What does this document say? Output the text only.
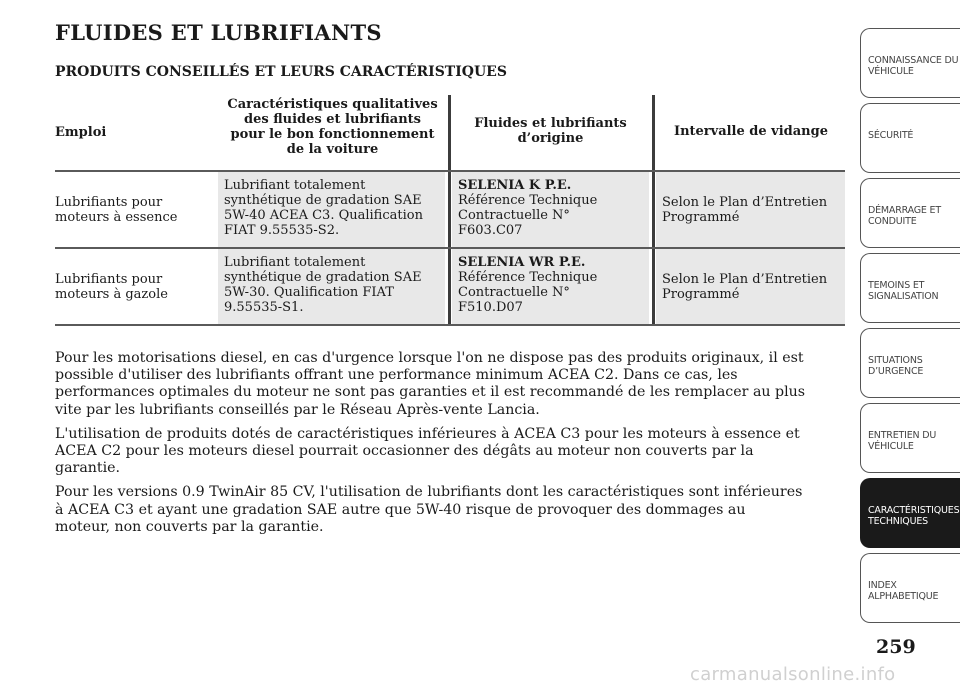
FLUIDES ET LUBRIFIANTS
PRODUITS CONSEILLÉS ET LEURS CARACTÉRISTIQUES
Emploi
Caractéristiques qualitatives
des fluides et lubrifiants
pour le bon fonctionnement
de la voiture
Fluides et lubrifiants
d’origine	Intervalle de vidange
Lubrifiants pour
moteurs à essence
Lubrifiant totalement
synthétique de gradation SAE
5W-40 ACEA C3. Qualification
FIAT 9.55535-S2.
SELENIA K P.E.
Référence Technique
Contractuelle N°
F603.C07
Selon le Plan d’Entretien
Programmé
Lubrifiants pour
moteurs à gazole
Lubrifiant totalement
synthétique de gradation SAE
5W-30. Qualification FIAT
9.55535-S1.
SELENIA WR P.E.
Référence Technique
Contractuelle N°
F510.D07
Selon le Plan d’Entretien
Programmé

Pour les motorisations diesel, en cas d'urgence lorsque l'on ne dispose pas des produits originaux, il est
possible d'utiliser des lubrifiants offrant une performance minimum ACEA C2. Dans ce cas, les
performances optimales du moteur ne sont pas garanties et il est recommandé de les remplacer au plus
vite par les lubrifiants conseillés par le Réseau Après-vente Lancia.

L'utilisation de produits dotés de caractéristiques inférieures à ACEA C3 pour les moteurs à essence et
ACEA C2 pour les moteurs diesel pourrait occasionner des dégâts au moteur non couverts par la
garantie.

Pour les versions 0.9 TwinAir 85 CV, l'utilisation de lubrifiants dont les caractéristiques sont inférieures
à ACEA C3 et ayant une gradation SAE autre que 5W-40 risque de provoquer des dommages au
moteur, non couverts par la garantie.

CONNAISSANCE DU
VÉHICULE
SÉCURITÉ
DÉMARRAGE ET
CONDUITE
TEMOINS ET
SIGNALISATION
SITUATIONS
D’URGENCE
ENTRETIEN DU
VÉHICULE
CARACTÉRISTIQUES
TECHNIQUES
INDEX
ALPHABETIQUE
259
carmanualsonline.info
